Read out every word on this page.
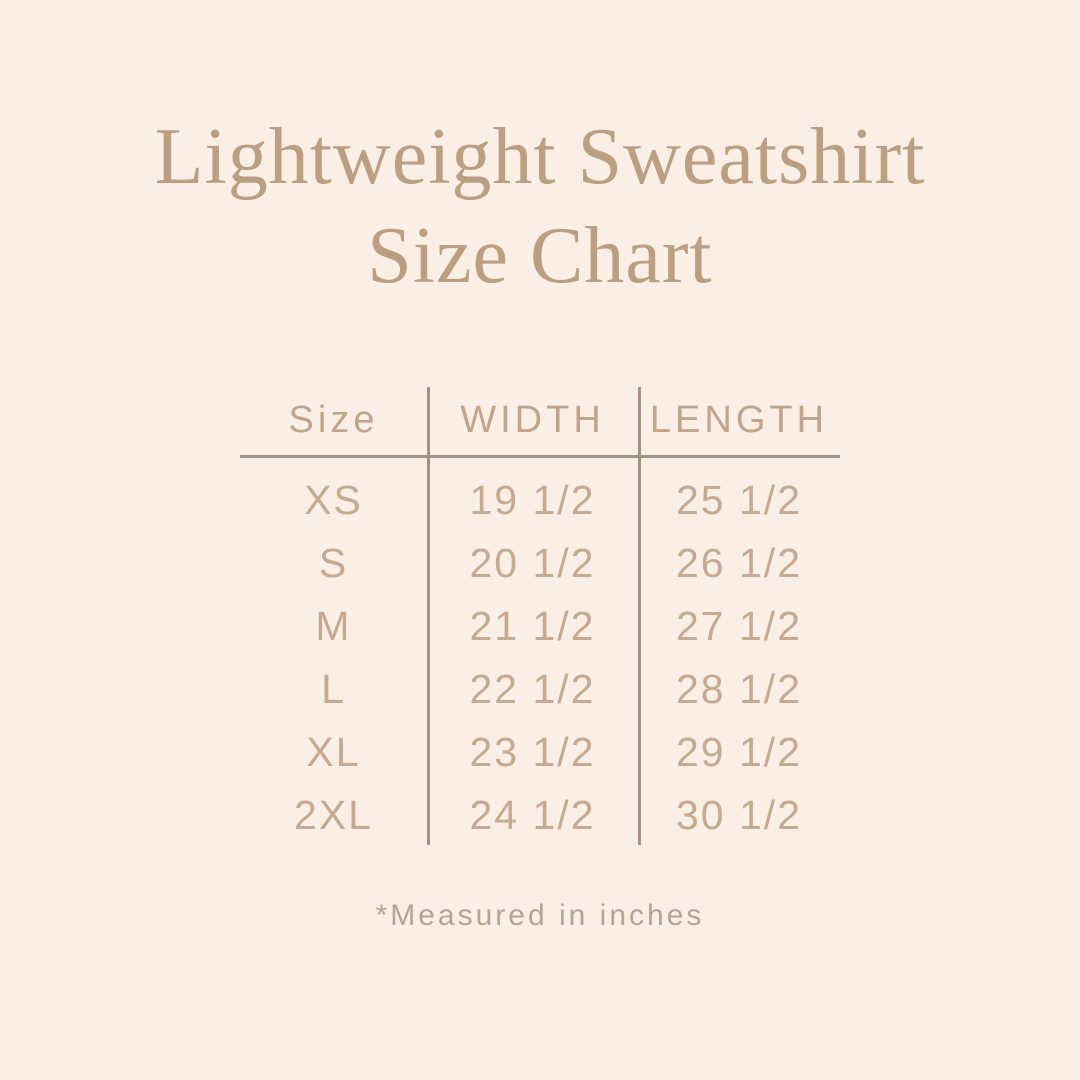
Lightweight Sweatshirt
Size Chart
Size	WIDTH	LENGTH
XS	19 1/2	25 1/2
S	20 1/2	26 1/2
M	21 1/2	27 1/2
L	22 1/2	28 1/2
XL	23 1/2	29 1/2
2XL	24 1/2	30 1/2
*Measured in inches
